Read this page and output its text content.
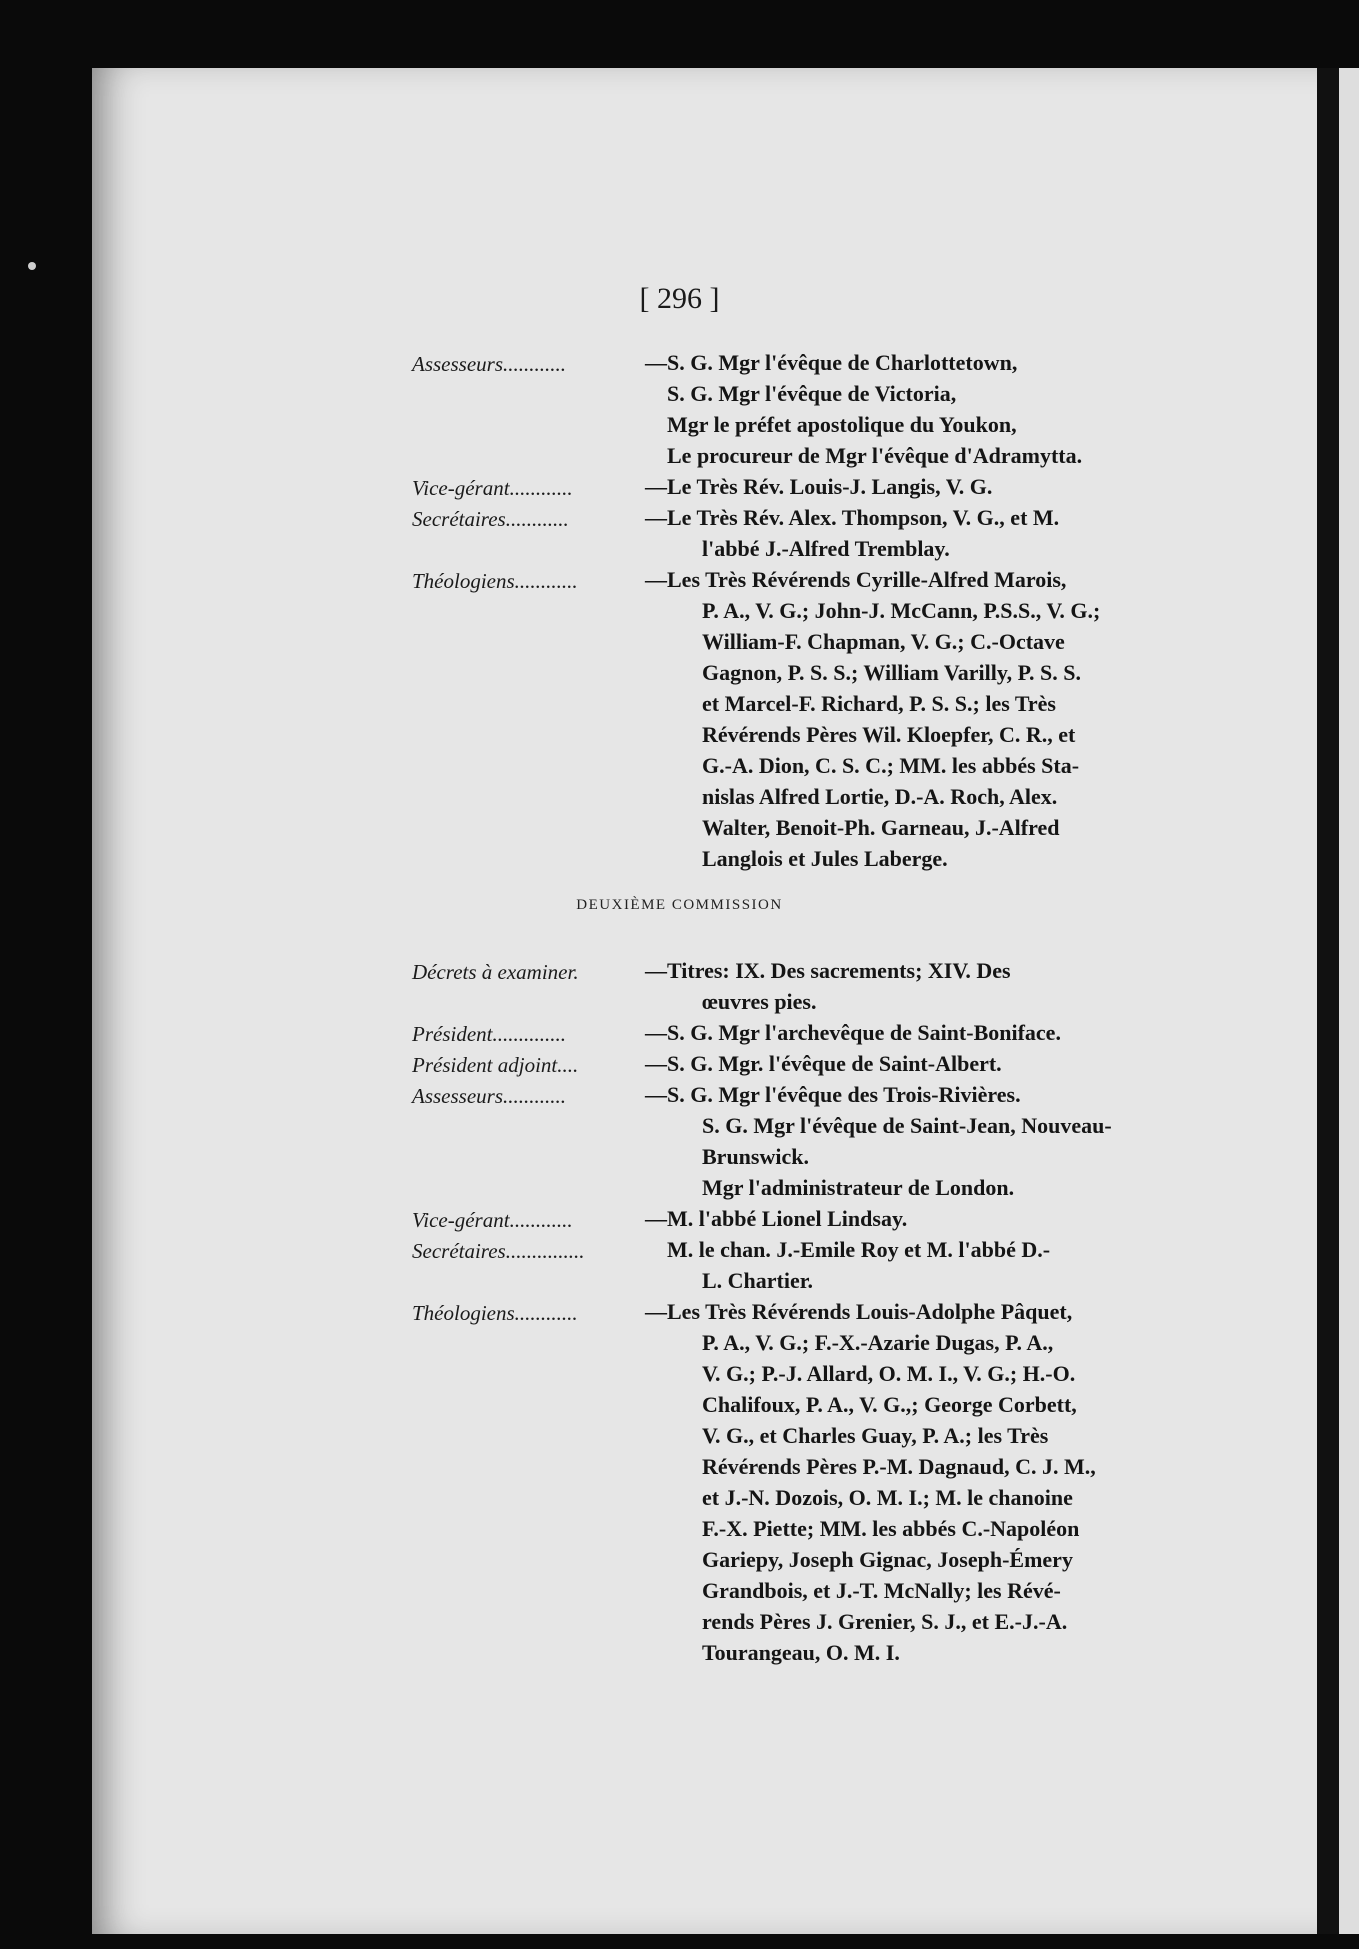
[ 296 ]
Assesseurs............	—S. G. Mgr l'évêque de Charlottetown,
S. G. Mgr l'évêque de Victoria,
Mgr le préfet apostolique du Youkon,
Le procureur de Mgr l'évêque d'Adramytta.
Vice-gérant............	—Le Très Rév. Louis-J. Langis, V. G.
Secrétaires............	—Le Très Rév. Alex. Thompson, V. G., et M.
l'abbé J.-Alfred Tremblay.
Théologiens............	—Les Très Révérends Cyrille-Alfred Marois,
P. A., V. G.; John-J. McCann, P.S.S., V. G.;
William-F. Chapman, V. G.; C.-Octave
Gagnon, P. S. S.; William Varilly, P. S. S.
et Marcel-F. Richard, P. S. S.; les Très
Révérends Pères Wil. Kloepfer, C. R., et
G.-A. Dion, C. S. C.; MM. les abbés Sta-
nislas Alfred Lortie, D.-A. Roch, Alex.
Walter, Benoit-Ph. Garneau, J.-Alfred
Langlois et Jules Laberge.
DEUXIÈME COMMISSION
Décrets à examiner.	—Titres: IX. Des sacrements; XIV. Des
œuvres pies.
Président..............	—S. G. Mgr l'archevêque de Saint-Boniface.
Président adjoint....	—S. G. Mgr. l'évêque de Saint-Albert.
Assesseurs............	—S. G. Mgr l'évêque des Trois-Rivières.
S. G. Mgr l'évêque de Saint-Jean, Nouveau-
Brunswick.
Mgr l'administrateur de London.
Vice-gérant............	—M. l'abbé Lionel Lindsay.
Secrétaires...............	M. le chan. J.-Emile Roy et M. l'abbé D.-
L. Chartier.
Théologiens............	—Les Très Révérends Louis-Adolphe Pâquet,
P. A., V. G.; F.-X.-Azarie Dugas, P. A.,
V. G.; P.-J. Allard, O. M. I., V. G.; H.-O.
Chalifoux, P. A., V. G.,; George Corbett,
V. G., et Charles Guay, P. A.; les Très
Révérends Pères P.-M. Dagnaud, C. J. M.,
et J.-N. Dozois, O. M. I.; M. le chanoine
F.-X. Piette; MM. les abbés C.-Napoléon
Gariepy, Joseph Gignac, Joseph-Émery
Grandbois, et J.-T. McNally; les Révé-
rends Pères J. Grenier, S. J., et E.-J.-A.
Tourangeau, O. M. I.
